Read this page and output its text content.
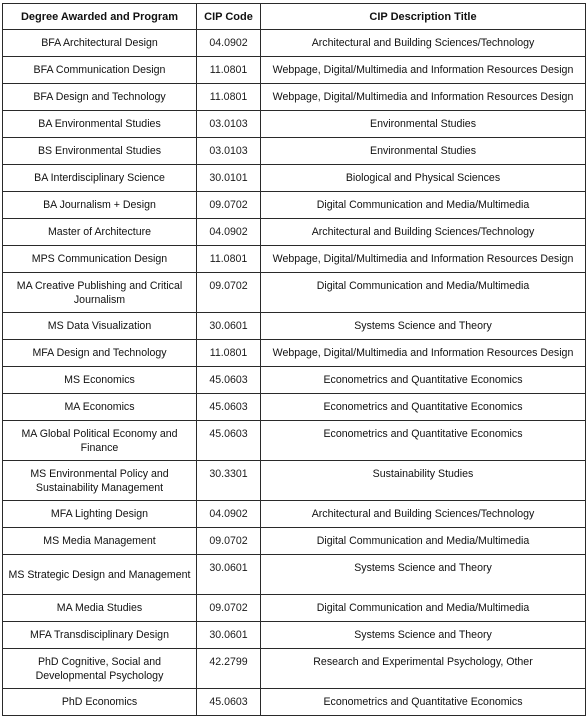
Degree Awarded and Program	CIP Code	CIP Description Title
BFA Architectural Design	04.0902	Architectural and Building Sciences/Technology
BFA Communication Design	11.0801	Webpage, Digital/Multimedia and Information Resources Design
BFA Design and Technology	11.0801	Webpage, Digital/Multimedia and Information Resources Design
BA Environmental Studies	03.0103	Environmental Studies
BS Environmental Studies	03.0103	Environmental Studies
BA Interdisciplinary Science	30.0101	Biological and Physical Sciences
BA Journalism + Design	09.0702	Digital Communication and Media/Multimedia
Master of Architecture	04.0902	Architectural and Building Sciences/Technology
MPS Communication Design	11.0801	Webpage, Digital/Multimedia and Information Resources Design
MA Creative Publishing and Critical Journalism	09.0702	Digital Communication and Media/Multimedia
MS Data Visualization	30.0601	Systems Science and Theory
MFA Design and Technology	11.0801	Webpage, Digital/Multimedia and Information Resources Design
MS Economics	45.0603	Econometrics and Quantitative Economics
MA Economics	45.0603	Econometrics and Quantitative Economics
MA Global Political Economy and Finance	45.0603	Econometrics and Quantitative Economics
MS Environmental Policy and Sustainability Management	30.3301	Sustainability Studies
MFA Lighting Design	04.0902	Architectural and Building Sciences/Technology
MS Media Management	09.0702	Digital Communication and Media/Multimedia
MS Strategic Design and Management	30.0601	Systems Science and Theory
MA Media Studies	09.0702	Digital Communication and Media/Multimedia
MFA Transdisciplinary Design	30.0601	Systems Science and Theory
PhD Cognitive, Social and Developmental Psychology	42.2799	Research and Experimental Psychology, Other
PhD Economics	45.0603	Econometrics and Quantitative Economics
